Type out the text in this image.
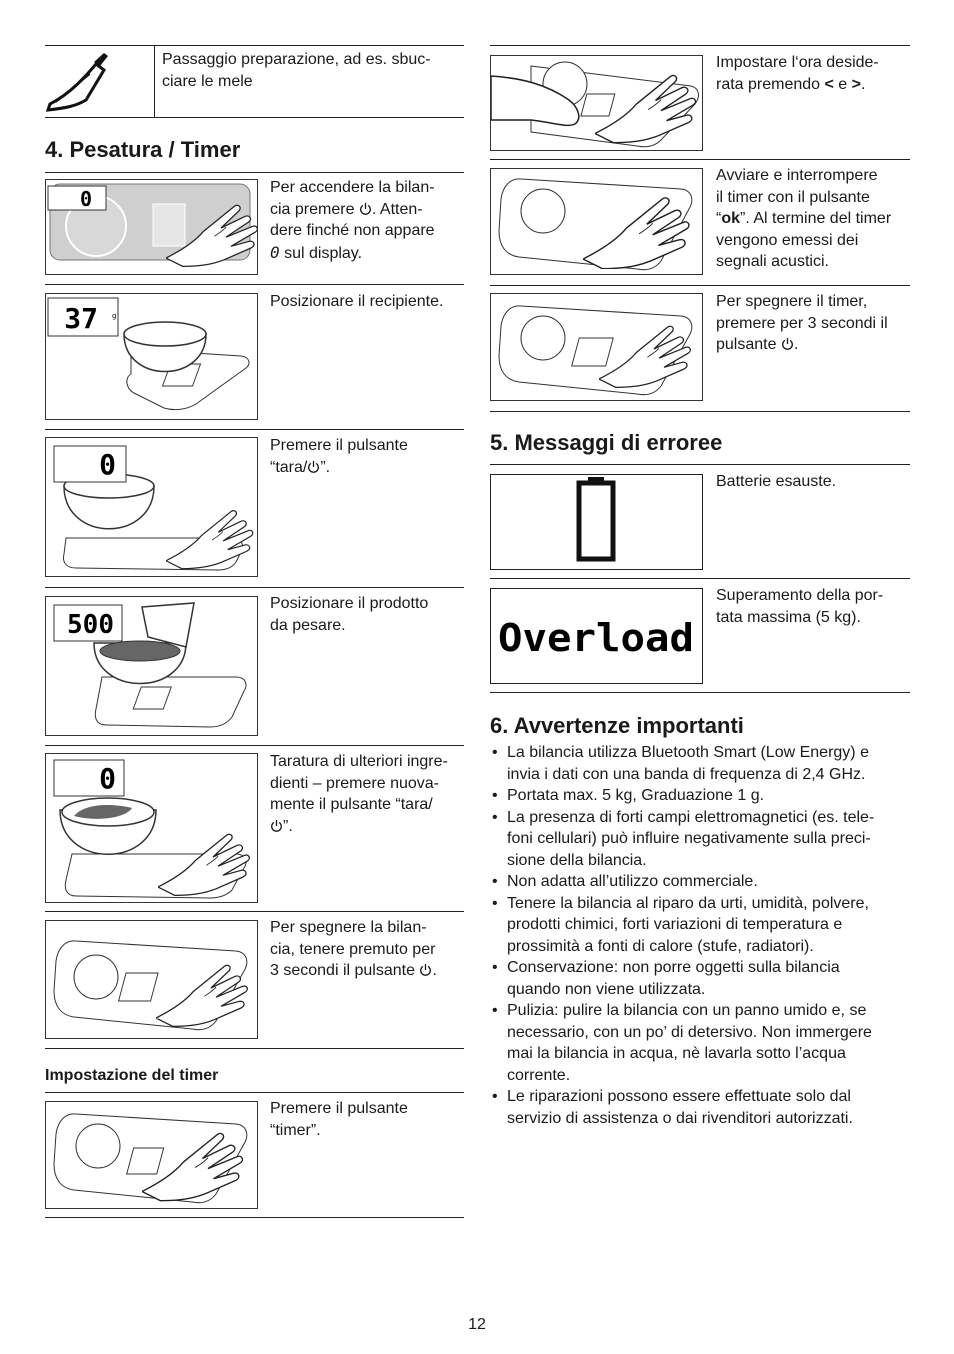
Passaggio preparazione, ad es. sbuc-
ciare le mele
4. Pesatura / Timer
0	Per accendere la bilan-
cia premere . Atten-
dere finché non appare
0 sul display.
37 g
Posizionare il recipiente.
0
Premere il pulsante
“tara/ ”.
500
Posizionare il prodotto
da pesare.
0
Taratura di ulteriori ingre-
dienti – premere nuova-
mente il pulsante “tara/
”.
Per spegnere la bilan-
cia, tenere premuto per
3 secondi il pulsante .
Impostazione del timer
Premere il pulsante
“timer”.
Impostare l‘ora deside-
rata premendo < e >.
Avviare e interrompere
il timer con il pulsante
“ok”. Al termine del timer
vengono emessi dei
segnali acustici.
Per spegnere il timer,
premere per 3 secondi il
pulsante .
5. Messaggi di erroree
Batterie esauste.
Overload
Superamento della por-
tata massima (5 kg).
6. Avvertenze importanti
• La bilancia utilizza Bluetooth Smart (Low Energy) e
invia i dati con una banda di frequenza di 2,4 GHz.
• Portata max. 5 kg, Graduazione 1 g.
• La presenza di forti campi elettromagnetici (es. tele-
foni cellulari) può influire negativamente sulla preci-
sione della bilancia.
• Non adatta all’utilizzo commerciale.
• Tenere la bilancia al riparo da urti, umidità, polvere,
prodotti chimici, forti variazioni di temperatura e
prossimità a fonti di calore (stufe, radiatori).
• Conservazione: non porre oggetti sulla bilancia
quando non viene utilizzata.
• Pulizia: pulire la bilancia con un panno umido e, se
necessario, con un po’ di detersivo. Non immergere
mai la bilancia in acqua, nè lavarla sotto l’acqua
corrente.
• Le riparazioni possono essere effettuate solo dal
servizio di assistenza o dai rivenditori autorizzati.
12
